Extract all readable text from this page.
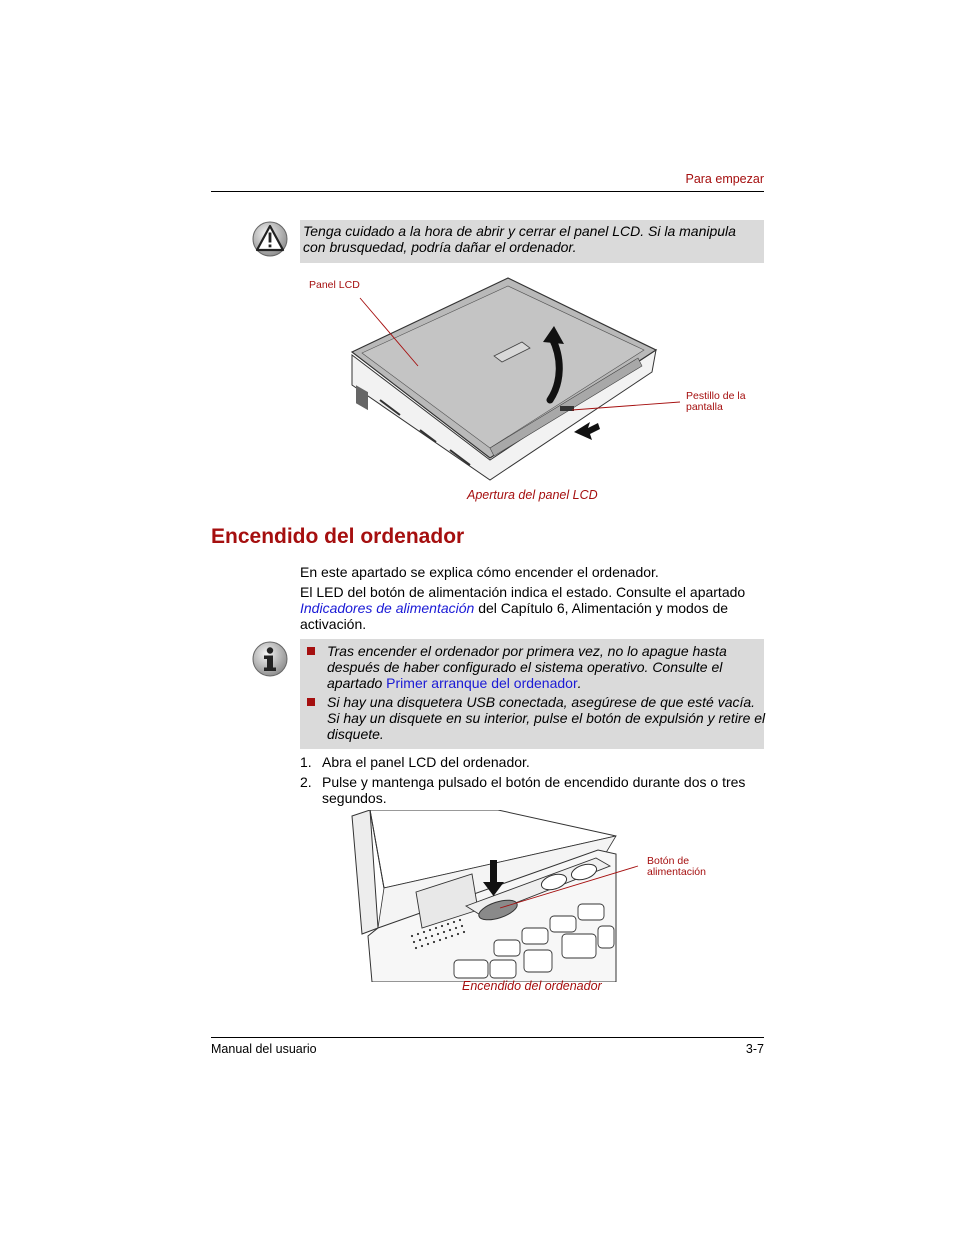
Para empezar
Tenga cuidado a la hora de abrir y cerrar el panel LCD. Si la manipula con brusquedad, podría dañar el ordenador.
Panel LCD
Pestillo de la
pantalla
Apertura del panel LCD
Encendido del ordenador
En este apartado se explica cómo encender el ordenador.
El LED del botón de alimentación indica el estado. Consulte el apartado
Indicadores de alimentación del Capítulo 6, Alimentación y modos de
activación.
Tras encender el ordenador por primera vez, no lo apague hasta
después de haber configurado el sistema operativo. Consulte el
apartado Primer arranque del ordenador.
Si hay una disquetera USB conectada, asegúrese de que esté vacía.
Si hay un disquete en su interior, pulse el botón de expulsión y retire el
disquete.
1. Abra el panel LCD del ordenador.
2. Pulse y mantenga pulsado el botón de encendido durante dos o tres
segundos.
Botón de
alimentación
Encendido del ordenador
Manual del usuario	3-7
